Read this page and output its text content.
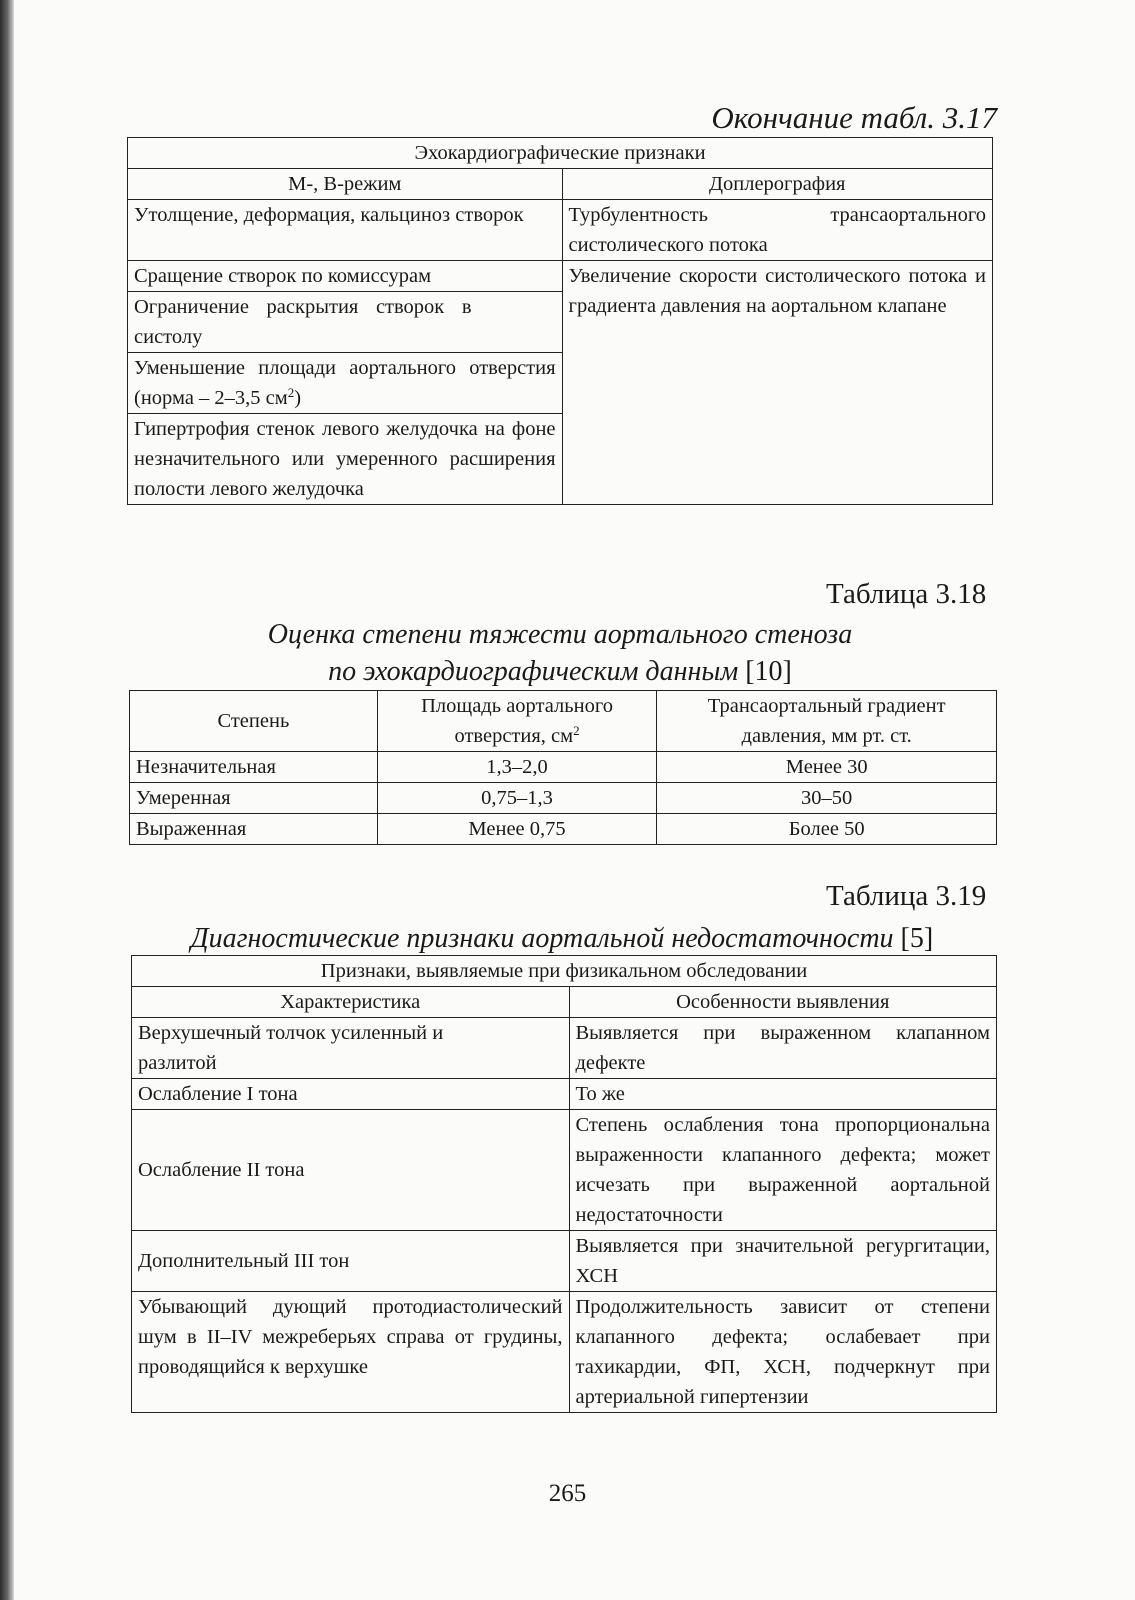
Окончание табл. 3.17
Эхокардиографические признаки	
М-, В-режим	Доплерография
Утолщение, деформация, кальциноз створок	Турбулентность трансаортального систолического потока
Сращение створок по комиссурам	Увеличение скорости систолического потока и градиента давления на аортальном клапане
Ограничение раскрытия створок в систолу	
Уменьшение площади аортального отверстия (норма – 2–3,5 $см^2$)	
Гипертрофия стенок левого желудочка на фоне незначительного или умеренного расширения полости левого желудочка	
Таблица 3.18
Оценка степени тяжести аортального стеноза
по эхокардиографическим данным [10]
Степень	Площадь аортального отверстия, $см^2$	Трансаортальный градиент давления, мм рт. ст.
Незначительная	1,3–2,0	Менее 30
Умеренная	0,75–1,3	30–50
Выраженная	Менее 0,75	Более 50
Таблица 3.19
Диагностические признаки аортальной недостаточности [5]
Признаки, выявляемые при физикальном обследовании	
Характеристика	Особенности выявления
Верхушечный толчок усиленный и разлитой	Выявляется при выраженном клапанном дефекте
Ослабление I тона	То же
Ослабление II тона	Степень ослабления тона пропорциональна выраженности клапанного дефекта; может исчезать при выраженной аортальной недостаточности
Дополнительный III тон	Выявляется при значительной регургитации, ХСН
Убывающий дующий протодиастолический шум в II–IV межреберьях справа от грудины, проводящийся к верхушке	Продолжительность зависит от степени клапанного дефекта; ослабевает при тахикардии, ФП, ХСН, подчеркнут при артериальной гипертензии
265
